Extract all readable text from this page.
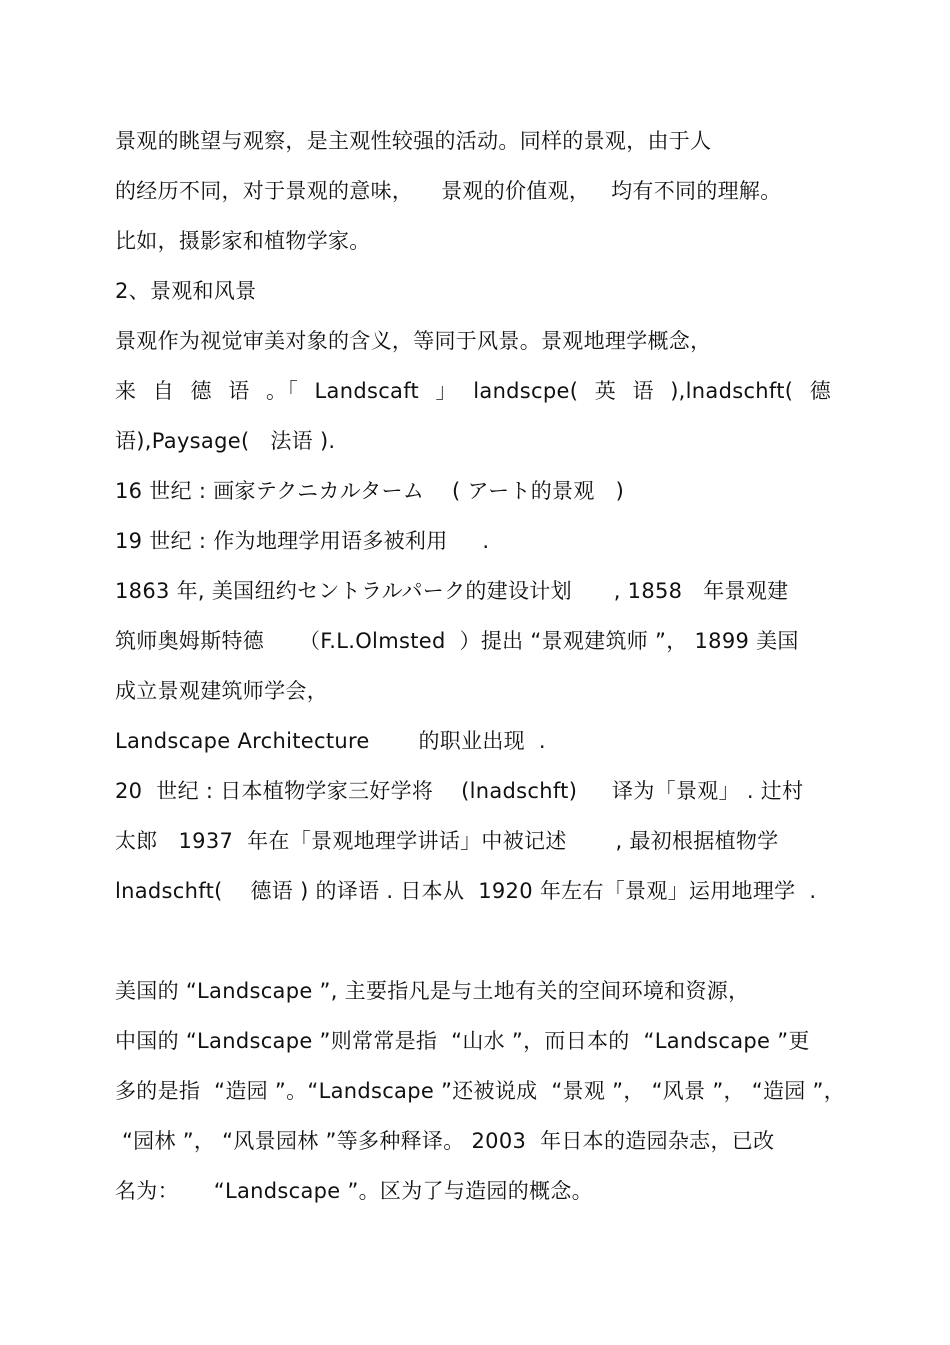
景观的眺望与观察，是主观性较强的活动。同样的景观，由于人
的经历不同，对于景观的意味，    景观的价值观，   均有不同的理解。
比如，摄影家和植物学家。
2、景观和风景
景观作为视觉审美对象的含义，等同于风景。景观地理学概念，
来 自 德 语 。「 Landscaft 」 landscpe( 英 语 ),lnadschft( 德
语),Paysage(   法语 ).
16 世纪 : 画家テクニカルターム    ( アート的景观   )
19 世纪 : 作为地理学用语多被利用     .
1863 年, 美国纽约セントラルパーク的建设计划      , 1858   年景观建
筑师奥姆斯特德     （F.L.Olmsted  ）提出 “景观建筑师 ”， 1899 美国
成立景观建筑师学会，
Landscape Architecture       的职业出现  .
20  世纪 : 日本植物学家三好学将    (lnadschft)     译为「景观」 . 辻村
太郎   1937  年在「景观地理学讲话」中被记述       , 最初根据植物学
lnadschft(    德语 ) 的译语 . 日本从  1920 年左右「景观」运用地理学  .
美国的 “Landscape ”, 主要指凡是与土地有关的空间环境和资源，
中国的 “Landscape ”则常常是指  “山水 ”，而日本的  “Landscape ”更
多的是指  “造园 ”。“Landscape ”还被说成  “景观 ”， “风景 ”， “造园 ”，
“园林 ”， “风景园林 ”等多种释译。 2003  年日本的造园杂志，已改
名为：     “Landscape ”。区为了与造园的概念。
